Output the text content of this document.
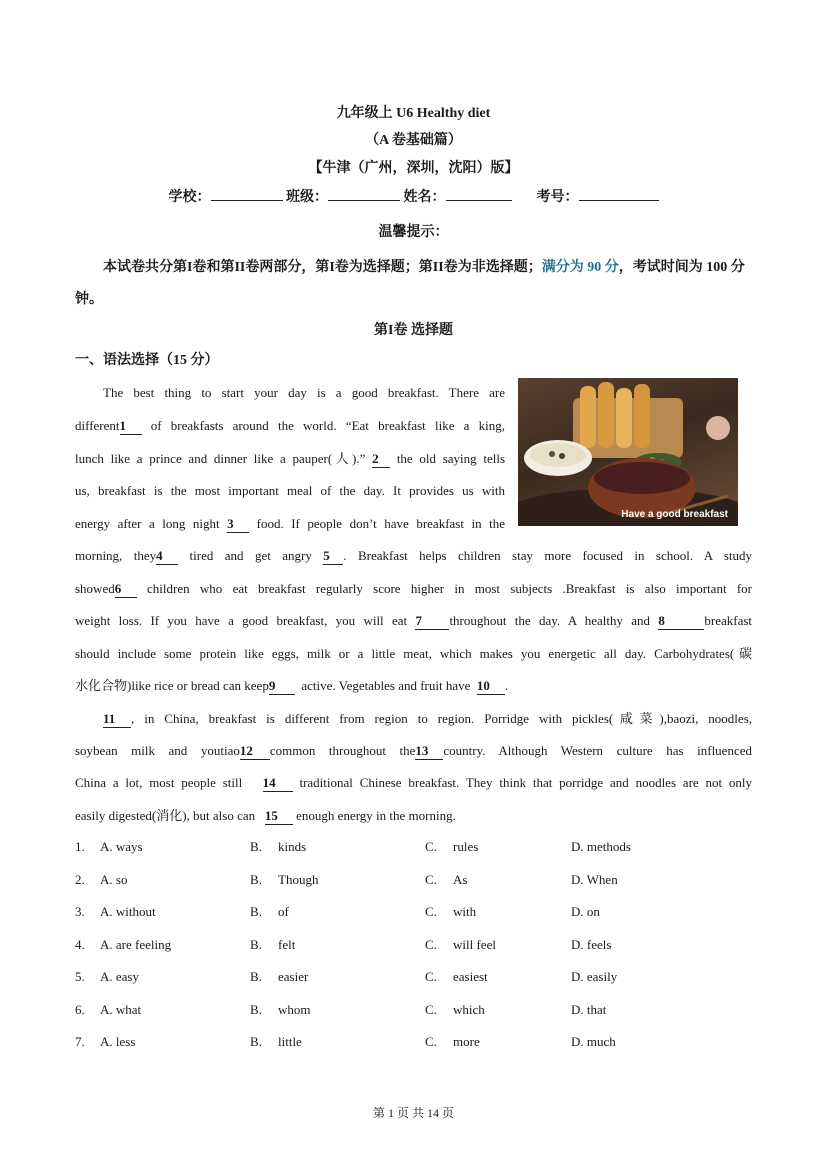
九年级上 U6 Healthy diet
（A 卷基础篇）
【牛津（广州，深圳，沈阳）版】
学校：	班级：	姓名：	考号：
温馨提示：
本试卷共分第I卷和第II卷两部分，第I卷为选择题；第II卷为非选择题；满分为 90 分，考试时间为 100 分钟。
第I卷 选择题
一、语法选择（15 分）
Have a good breakfast
The best thing to start your day is a good breakfast. There are
different1 of breakfasts around the world. “Eat breakfast like a king,
lunch like a prince and dinner like a pauper(人).” 2 the old saying tells
us, breakfast is the most important meal of the day. It provides us with
energy after a long night 3 food. If people don’t have breakfast in the
morning, they4 tired and get angry 5 . Breakfast helps children stay more focused in school. A study
showed6 children who eat breakfast regularly score higher in most subjects .Breakfast is also important for
weight loss. If you have a good breakfast, you will eat 7 throughout the day. A healthy and 8	breakfast
should include some protein like eggs, milk or a little meat, which makes you energetic all day. Carbohydrates(碳
水化合物)like rice or bread can keep9 active. Vegetables and fruit have 10 .
11 , in China, breakfast is different from region to region. Porridge with pickles(咸菜),baozi, noodles,
soybean milk and youtiao12 common throughout the13 country. Although Western culture has influenced
China a lot, most people still 14 traditional Chinese breakfast. They think that porridge and noodles are not only
easily digested(消化), but also can 15 enough energy in the morning.
1. A. ways	B. kinds	C. rules	D. methods
2. A. so	B. Though	C. As	D. When
3. A. without	B. of	C. with	D. on
4. A. are feeling	B. felt	C. will feel	D. feels
5. A. easy	B. easier	C. easiest	D. easily
6. A. what	B. whom	C. which	D. that
7. A. less	B. little	C. more	D. much
第 1 页 共 14 页
